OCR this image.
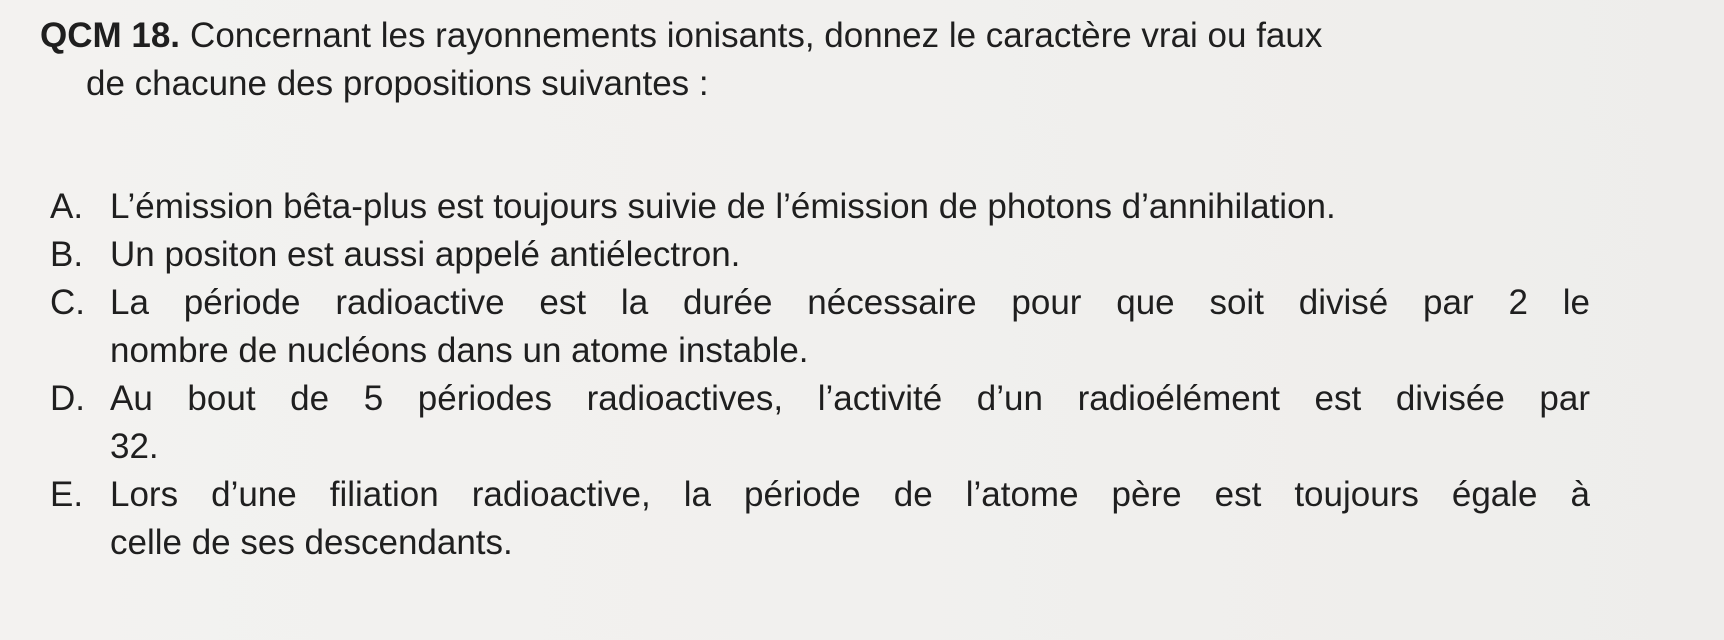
QCM 18. Concernant les rayonnements ionisants, donnez le caractère vrai ou faux
de chacune des propositions suivantes :

A. L’émission bêta-plus est toujours suivie de l’émission de photons d’annihilation.
B. Un positon est aussi appelé antiélectron.
C. La période radioactive est la durée nécessaire pour que soit divisé par 2 le
nombre de nucléons dans un atome instable.
D. Au bout de 5 périodes radioactives, l’activité d’un radioélément est divisée par
32.
E. Lors d’une filiation radioactive, la période de l’atome père est toujours égale à
celle de ses descendants.
